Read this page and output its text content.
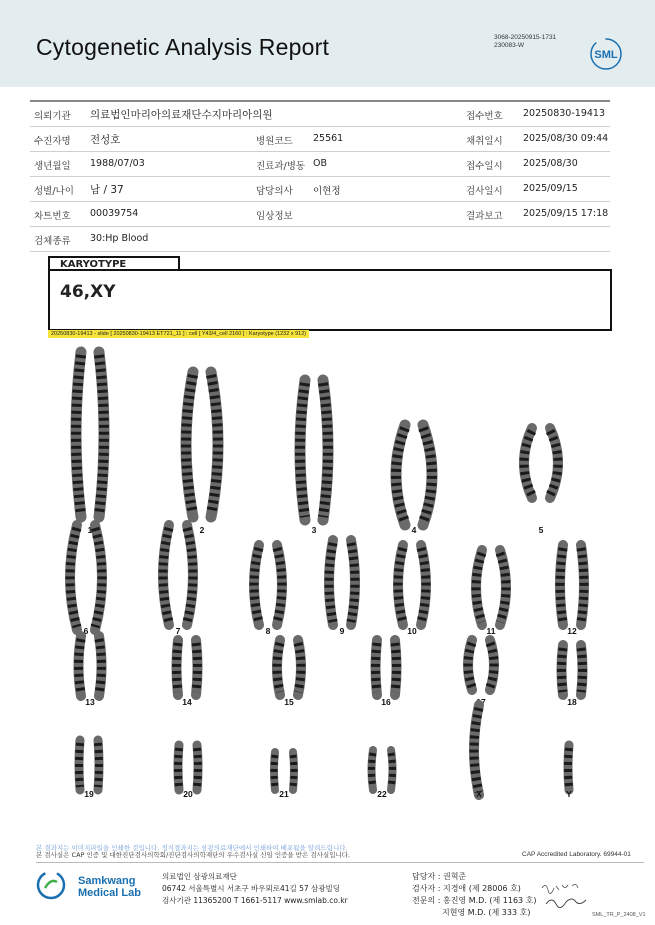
Cytogenetic Analysis Report	3068-20250915-1731
230083-W
SML
의뢰기관 의료법인마리아의료재단수지마리아의원	접수번호 20250830-19413
수진자명 전성호	병원코드 25561	채취일시 2025/08/30 09:44
생년월일 1988/07/03	진료과/병동 OB	접수일시 2025/08/30
성별/나이 남 / 37	담당의사 이현정	검사일시 2025/09/15
차트번호 00039754	임상정보	결과보고 2025/09/15 17:18
검체종류 30:Hp Blood
KARYOTYPE
46,XY
20250830-19413 - slide [ 20250830-19413 ET721_11 ] : cell [ Y43/4_cell 2160 ] : Karyotype (1232 x 912)
1	2	3	4	5
6	7	8	9	10	11	12
13	14	15	16	17	18
19	20	21	22	X	Y
본 결과지는 이미지파일을 인쇄한 것입니다. 정식결과지는 삼광의료재단에서 인쇄하여 배포됨을 알려드립니다.
본 검사실은 CAP 인증 및 대한진단검사의학회/진단검사의학재단의 우수검사실 신임 인증을 받은 검사실입니다.	CAP Accredited Laboratory. 69944-01
Samkwang
Medical Lab
의료법인 삼광의료재단
06742 서울특별시 서초구 바우뫼로41길 57 삼광빌딩
검사기관 11365200 T 1661-5117 www.smlab.co.kr
담당자 : 권혁준
검사자 : 지경애 (제 28006 호)
전문의 : 홍진영 M.D. (제 1163 호)
지현영 M.D. (제 333 호)	SML_TR_P_2408_V1
